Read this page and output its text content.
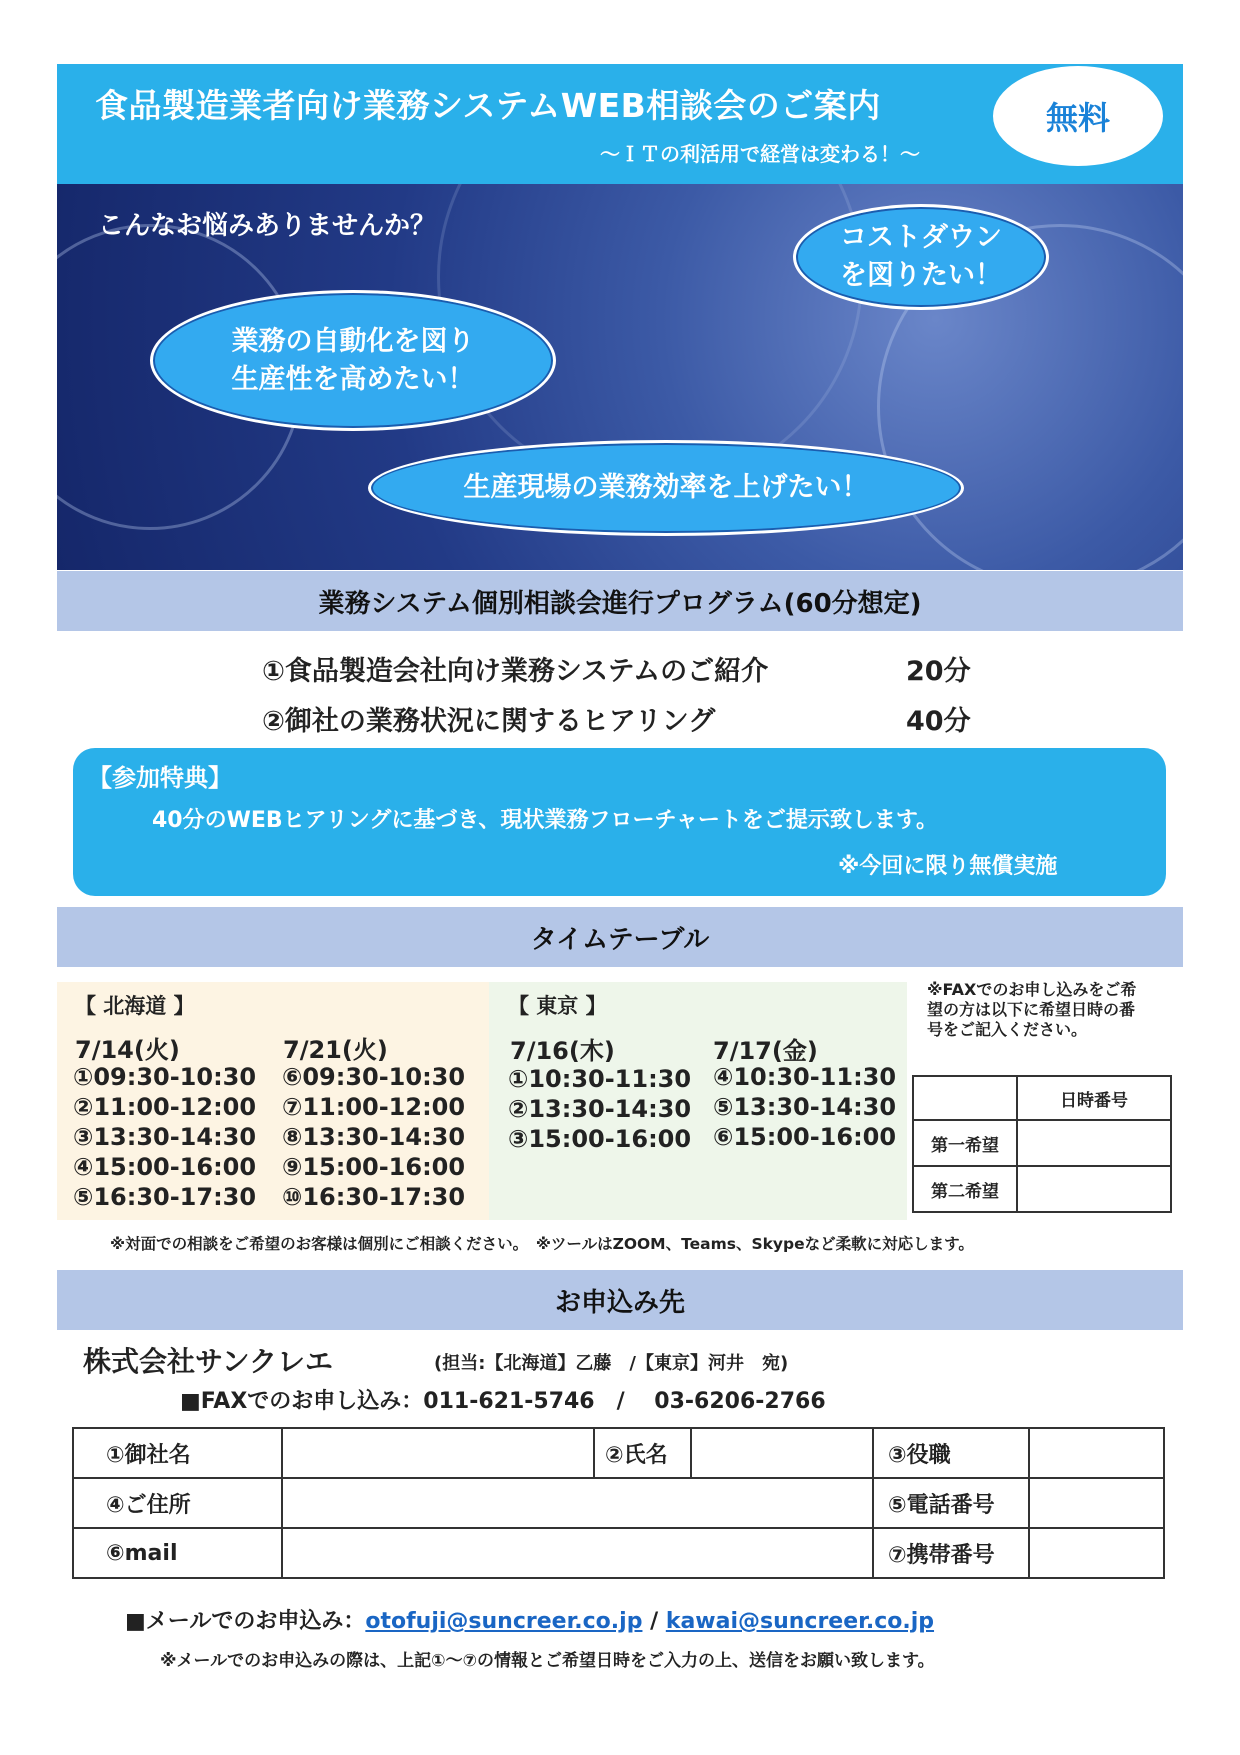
食品製造業者向け業務システムWEB相談会のご案内
～ＩＴの利活用で経営は変わる！～
無料
こんなお悩みありませんか？	コストダウン
を図りたい！
業務の自動化を図り
生産性を高めたい！
生産現場の業務効率を上げたい！
業務システム個別相談会進行プログラム(60分想定)
①食品製造会社向け業務システムのご紹介	20分
②御社の業務状況に関するヒアリング	40分
【参加特典】
40分のWEBヒアリングに基づき、現状業務フローチャートをご提示致します。
※今回に限り無償実施
タイムテーブル
【 北海道 】
7/14(火)	7/21(火)
①09:30-10:30
②11:00-12:00
③13:30-14:30
④15:00-16:00
⑤16:30-17:30
⑥09:30-10:30
⑦11:00-12:00
⑧13:30-14:30
⑨15:00-16:00
⑩16:30-17:30
【 東京 】
7/16(木)	7/17(金)
①10:30-11:30
②13:30-14:30
③15:00-16:00
④10:30-11:30
⑤13:30-14:30
⑥15:00-16:00
※FAXでのお申し込みをご希望の方は以下に希望日時の番号をご記入ください。
	日時番号
第一希望	
第二希望	
※対面での相談をご希望のお客様は個別にご相談ください。　※ツールはZOOM、Teams、Skypeなど柔軟に対応します。
お申込み先
株式会社サンクレエ	(担当:【北海道】乙藤　/【東京】河井　宛)
■FAXでのお申し込み：011-621-5746　/　 03-6206-2766
①御社名		②氏名		③役職	
④ご住所				⑤電話番号	
⑥mail				⑦携帯番号	
■メールでのお申込み：otofuji@suncreer.co.jp / kawai@suncreer.co.jp
※メールでのお申込みの際は、上記①～⑦の情報とご希望日時をご入力の上、送信をお願い致します。
